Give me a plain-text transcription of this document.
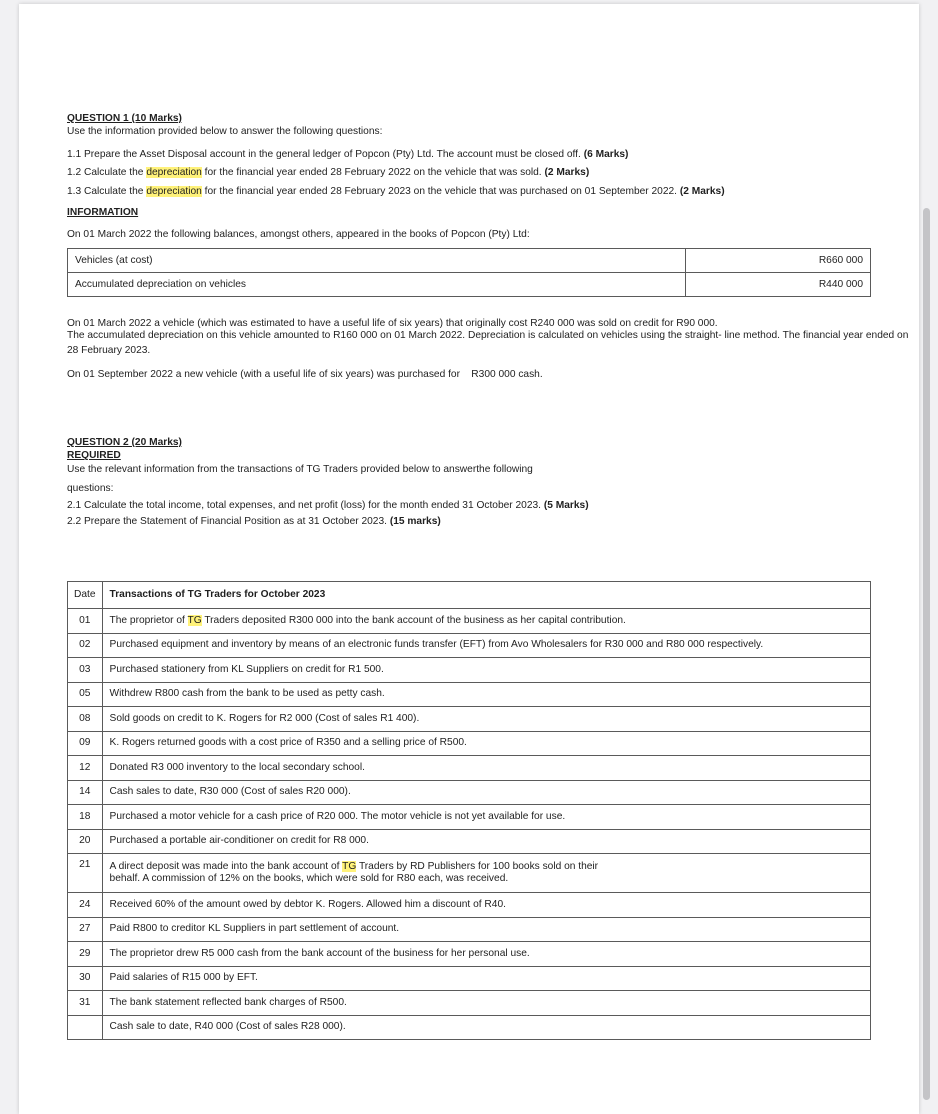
QUESTION 1 (10 Marks)
Use the information provided below to answer the following questions:
1.1 Prepare the Asset Disposal account in the general ledger of Popcon (Pty) Ltd. The account must be closed off. (6 Marks)
1.2 Calculate the depreciation for the financial year ended 28 February 2022 on the vehicle that was sold. (2 Marks)
1.3 Calculate the depreciation for the financial year ended 28 February 2023 on the vehicle that was purchased on 01 September 2022. (2 Marks)
INFORMATION
On 01 March 2022 the following balances, amongst others, appeared in the books of Popcon (Pty) Ltd:
Vehicles (at cost)	R660 000
Accumulated depreciation on vehicles	R440 000
On 01 March 2022 a vehicle (which was estimated to have a useful life of six years) that originally cost R240 000 was sold on credit for R90 000.
The accumulated depreciation on this vehicle amounted to R160 000 on 01 March 2022. Depreciation is calculated on vehicles using the straight- line method. The financial year ended on
28 February 2023.
On 01 September 2022 a new vehicle (with a useful life of six years) was purchased for    R300 000 cash.
QUESTION 2 (20 Marks)
REQUIRED
Use the relevant information from the transactions of TG Traders provided below to answerthe following
questions:
2.1 Calculate the total income, total expenses, and net profit (loss) for the month ended 31 October 2023. (5 Marks)
2.2 Prepare the Statement of Financial Position as at 31 October 2023. (15 marks)
Date	Transactions of TG Traders for October 2023
01	The proprietor of TG Traders deposited R300 000 into the bank account of the business as her capital contribution.
02	Purchased equipment and inventory by means of an electronic funds transfer (EFT) from Avo Wholesalers for R30 000 and R80 000 respectively.
03	Purchased stationery from KL Suppliers on credit for R1 500.
05	Withdrew R800 cash from the bank to be used as petty cash.
08	Sold goods on credit to K. Rogers for R2 000 (Cost of sales R1 400).
09	K. Rogers returned goods with a cost price of R350 and a selling price of R500.
12	Donated R3 000 inventory to the local secondary school.
14	Cash sales to date, R30 000 (Cost of sales R20 000).
18	Purchased a motor vehicle for a cash price of R20 000. The motor vehicle is not yet available for use.
20	Purchased a portable air-conditioner on credit for R8 000.
21	A direct deposit was made into the bank account of TG Traders by RD Publishers for 100 books sold on their
behalf. A commission of 12% on the books, which were sold for R80 each, was received.

24	Received 60% of the amount owed by debtor K. Rogers. Allowed him a discount of R40.
27	Paid R800 to creditor KL Suppliers in part settlement of account.
29	The proprietor drew R5 000 cash from the bank account of the business for her personal use.
30	Paid salaries of R15 000 by EFT.
31	The bank statement reflected bank charges of R500.
	Cash sale to date, R40 000 (Cost of sales R28 000).
